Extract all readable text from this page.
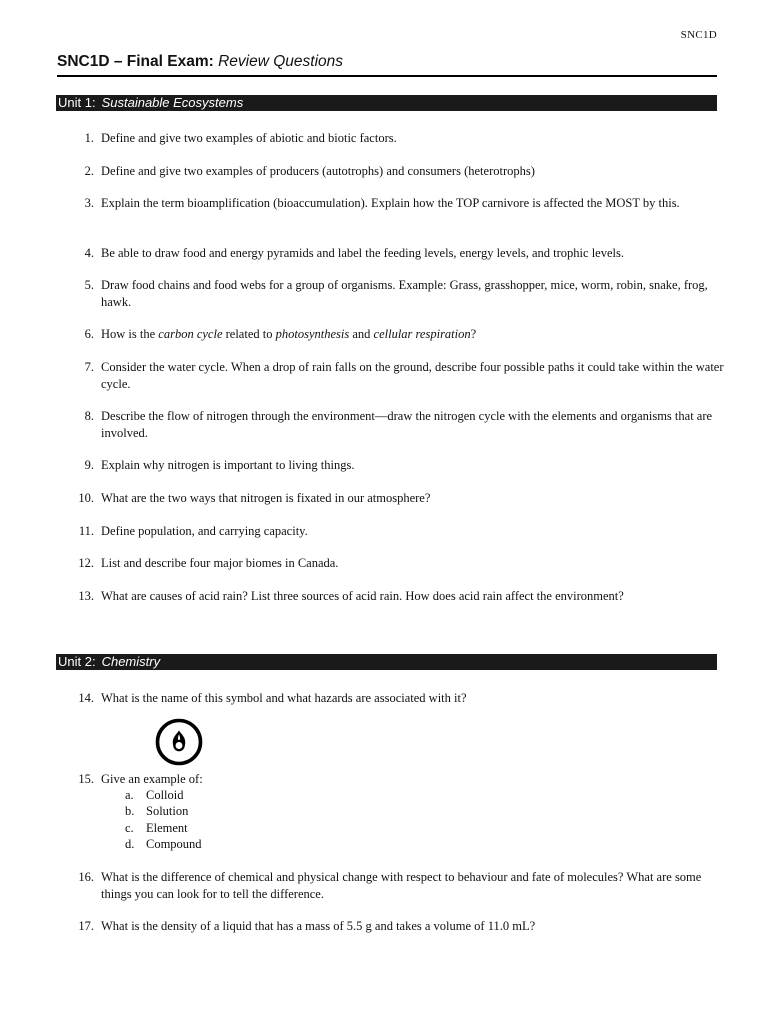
SNC1D
SNC1D – Final Exam: Review Questions
Unit 1: Sustainable Ecosystems
1. Define and give two examples of abiotic and biotic factors.
2. Define and give two examples of producers (autotrophs) and consumers (heterotrophs)
3. Explain the term bioamplification (bioaccumulation). Explain how the TOP carnivore is affected the MOST by this.
4. Be able to draw food and energy pyramids and label the feeding levels, energy levels, and trophic levels.
5. Draw food chains and food webs for a group of organisms. Example: Grass, grasshopper, mice, worm, robin, snake, frog, hawk.
6. How is the carbon cycle related to photosynthesis and cellular respiration?
7. Consider the water cycle. When a drop of rain falls on the ground, describe four possible paths it could take within the water cycle.
8. Describe the flow of nitrogen through the environment—draw the nitrogen cycle with the elements and organisms that are involved.
9. Explain why nitrogen is important to living things.
10. What are the two ways that nitrogen is fixated in our atmosphere?
11. Define population, and carrying capacity.
12. List and describe four major biomes in Canada.
13. What are causes of acid rain? List three sources of acid rain. How does acid rain affect the environment?
Unit 2: Chemistry
14. What is the name of this symbol and what hazards are associated with it?
15. Give an example of:
a. Colloid
b. Solution
c. Element
d. Compound
16. What is the difference of chemical and physical change with respect to behaviour and fate of molecules? What are some things you can look for to tell the difference.
17. What is the density of a liquid that has a mass of 5.5 g and takes a volume of 11.0 mL?
